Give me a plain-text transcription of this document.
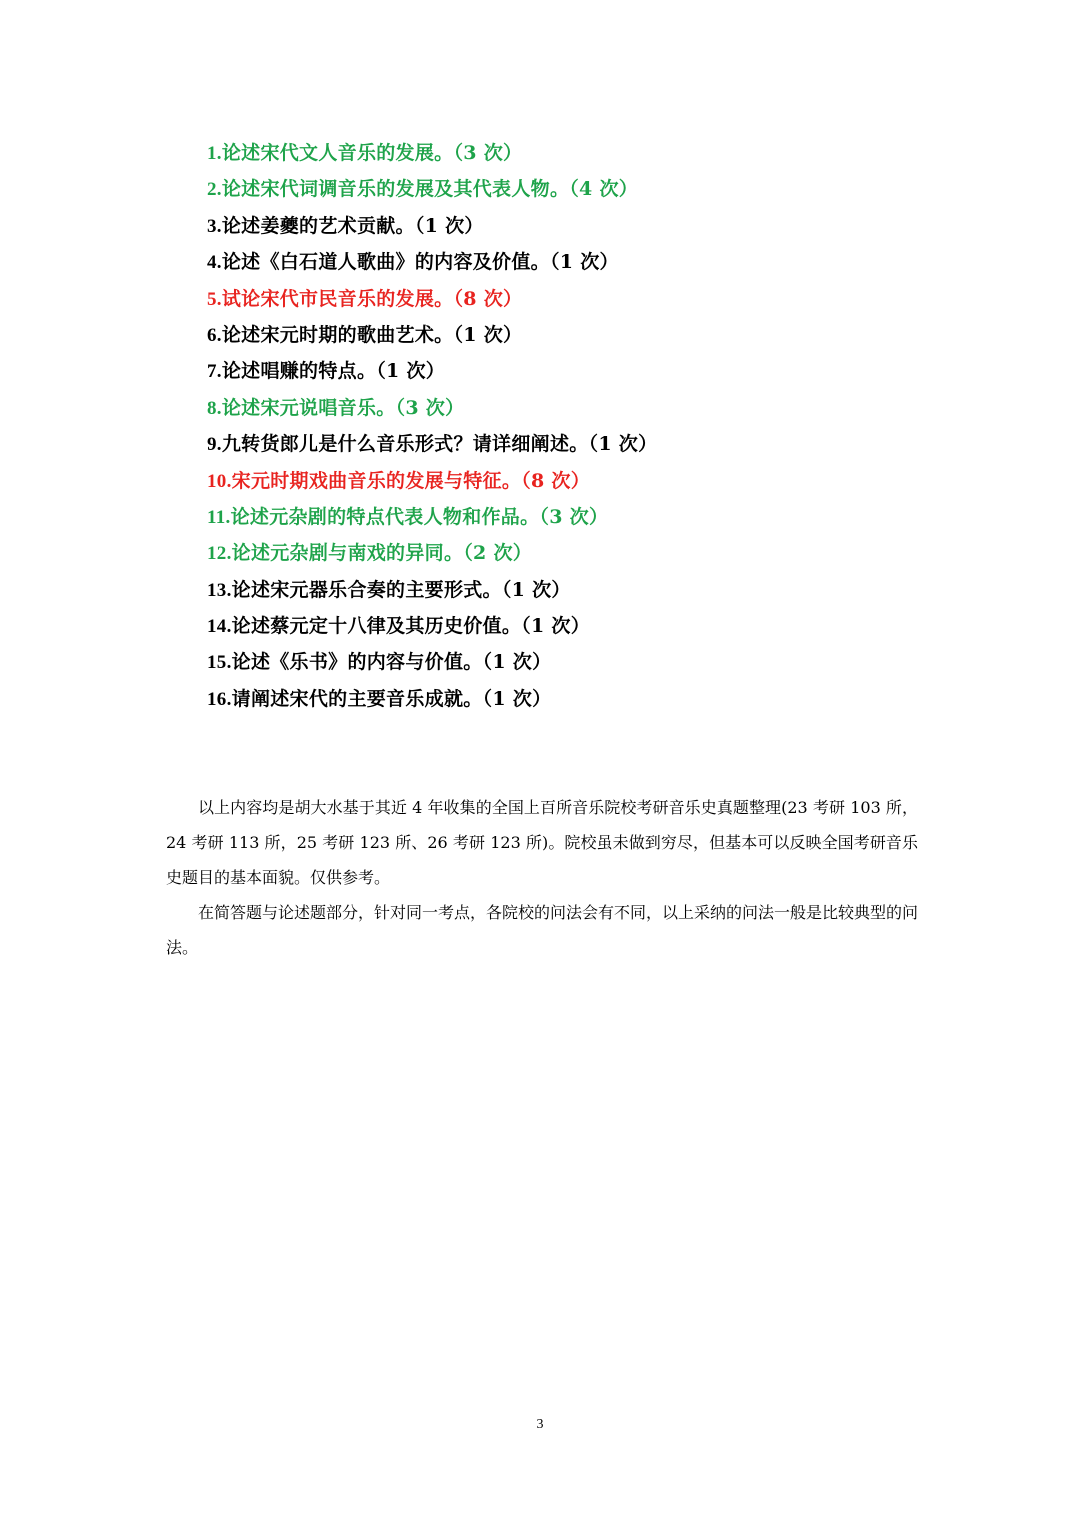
1.论述宋代文人音乐的发展。（3 次）
2.论述宋代词调音乐的发展及其代表人物。（4 次）
3.论述姜夔的艺术贡献。（1 次）
4.论述《白石道人歌曲》的内容及价值。（1 次）
5.试论宋代市民音乐的发展。（8 次）
6.论述宋元时期的歌曲艺术。（1 次）
7.论述唱赚的特点。（1 次）
8.论述宋元说唱音乐。（3 次）
9.九转货郎儿是什么音乐形式？请详细阐述。（1 次）
10.宋元时期戏曲音乐的发展与特征。（8 次）
11.论述元杂剧的特点代表人物和作品。（3 次）
12.论述元杂剧与南戏的异同。（2 次）
13.论述宋元器乐合奏的主要形式。（1 次）
14.论述蔡元定十八律及其历史价值。（1 次）
15.论述《乐书》的内容与价值。（1 次）
16.请阐述宋代的主要音乐成就。（1 次）

以上内容均是胡大水基于其近 4 年收集的全国上百所音乐院校考研音乐史真题整理(23 考研 103 所，24 考研 113 所，25 考研 123 所、26 考研 123 所)。院校虽未做到穷尽，但基本可以反映全国考研音乐史题目的基本面貌。仅供参考。

在简答题与论述题部分，针对同一考点，各院校的问法会有不同，以上采纳的问法一般是比较典型的问法。

3
